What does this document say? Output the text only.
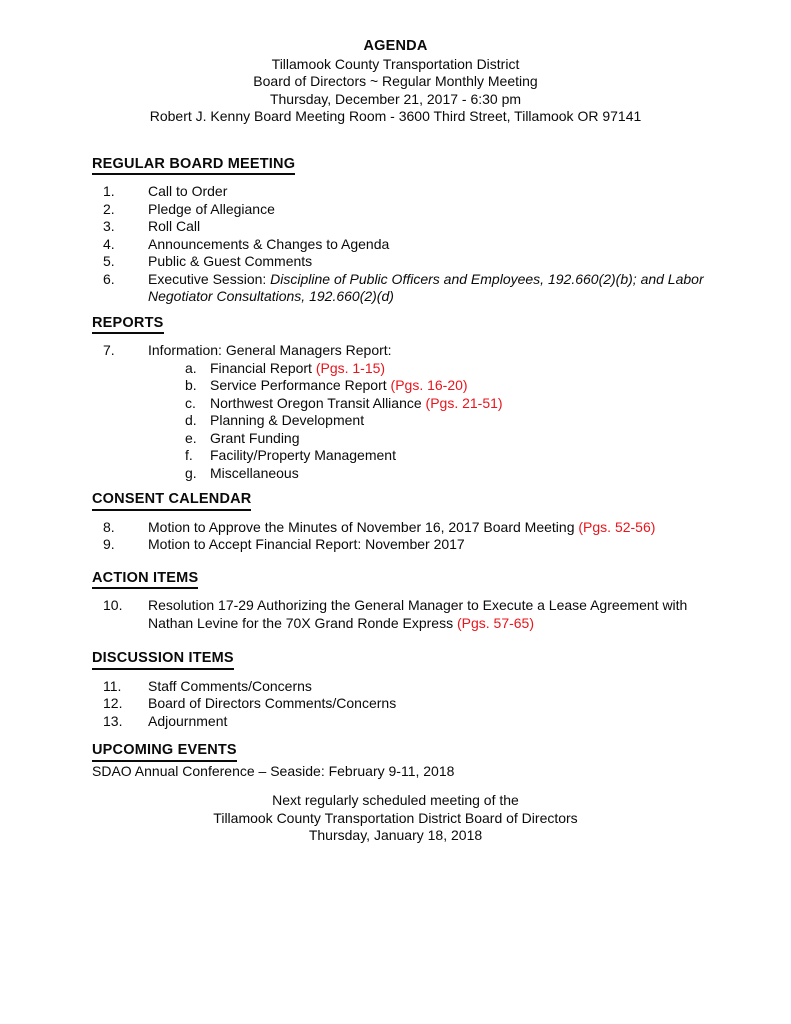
AGENDA
Tillamook County Transportation District
Board of Directors ~ Regular Monthly Meeting
Thursday, December 21, 2017 - 6:30 pm
Robert J. Kenny Board Meeting Room - 3600 Third Street, Tillamook OR 97141
REGULAR BOARD MEETING
1.	Call to Order
2.	Pledge of Allegiance
3.	Roll Call
4.	Announcements & Changes to Agenda
5.	Public & Guest Comments
6.	Executive Session: Discipline of Public Officers and Employees, 192.660(2)(b); and Labor
Negotiator Consultations, 192.660(2)(d)
REPORTS
7.	Information: General Managers Report:
a. Financial Report (Pgs. 1-15)
b. Service Performance Report (Pgs. 16-20)
c.	Northwest Oregon Transit Alliance (Pgs. 21-51)
d. Planning & Development
e. Grant Funding
f.	Facility/Property Management
g. Miscellaneous
CONSENT CALENDAR
8.	Motion to Approve the Minutes of November 16, 2017 Board Meeting (Pgs. 52-56)
9.	Motion to Accept Financial Report: November 2017
ACTION ITEMS
10.	Resolution 17-29 Authorizing the General Manager to Execute a Lease Agreement with
Nathan Levine for the 70X Grand Ronde Express (Pgs. 57-65)
DISCUSSION ITEMS
11.	Staff Comments/Concerns
12.	Board of Directors Comments/Concerns
13.	Adjournment
UPCOMING EVENTS
SDAO Annual Conference – Seaside: February 9-11, 2018
Next regularly scheduled meeting of the
Tillamook County Transportation District Board of Directors
Thursday, January 18, 2018
